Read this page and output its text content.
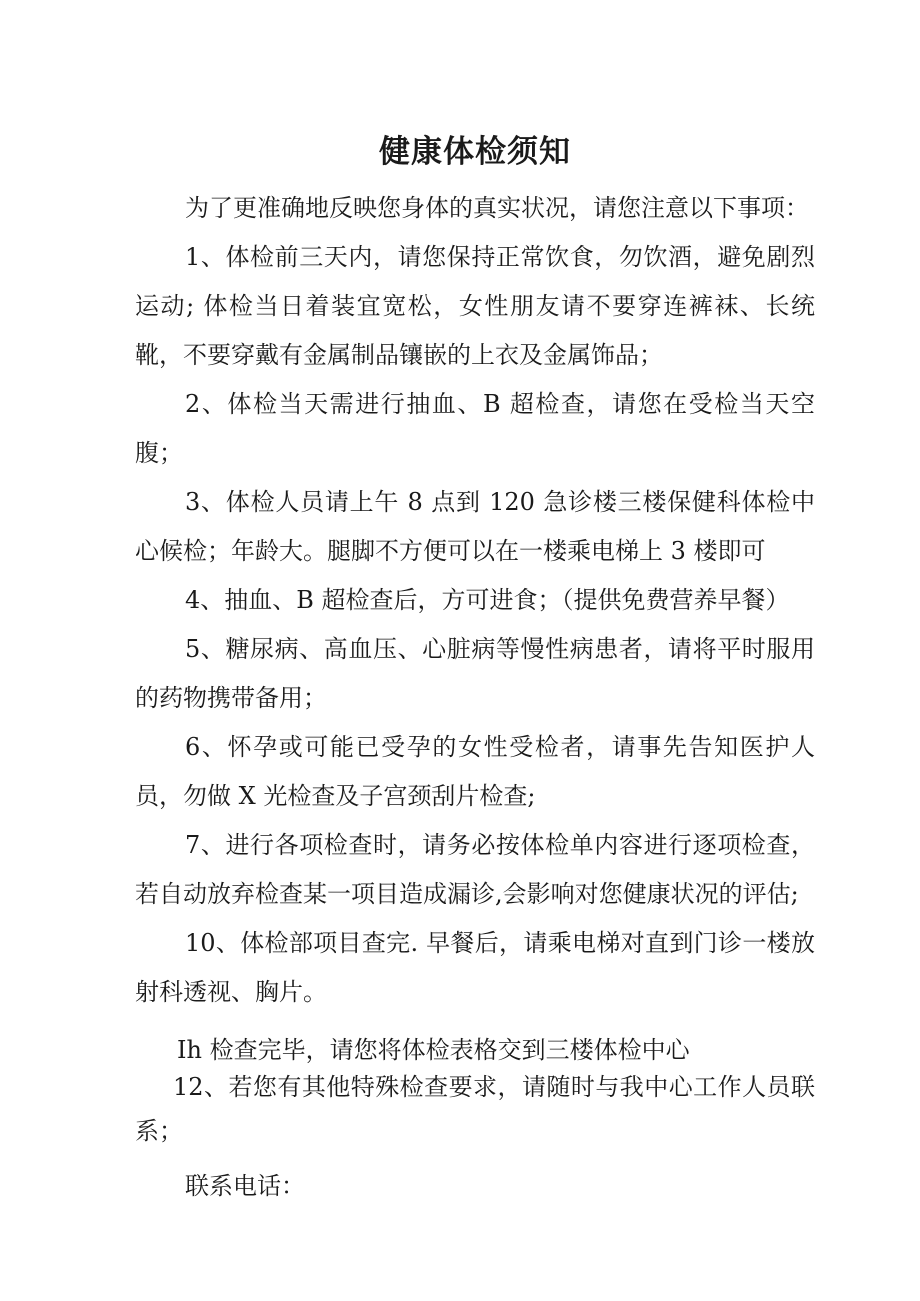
健康体检须知

为了更准确地反映您身体的真实状况，请您注意以下事项：

1、体检前三天内，请您保持正常饮食，勿饮酒，避免剧烈运动; 体检当日着装宜宽松，女性朋友请不要穿连裤袜、长统靴，不要穿戴有金属制品镶嵌的上衣及金属饰品；

2、体检当天需进行抽血、B 超检查，请您在受检当天空腹；

3、体检人员请上午 8 点到 120 急诊楼三楼保健科体检中心候检；年龄大。腿脚不方便可以在一楼乘电梯上 3 楼即可

4、抽血、B 超检查后，方可进食；（提供免费营养早餐）

5、糖尿病、高血压、心脏病等慢性病患者，请将平时服用的药物携带备用；

6、怀孕或可能已受孕的女性受检者，请事先告知医护人员，勿做 X 光检查及子宫颈刮片检查;

7、进行各项检查时，请务必按体检单内容进行逐项检查，若自动放弃检查某一项目造成漏诊,会影响对您健康状况的评估;

10、体检部项目查完. 早餐后，请乘电梯对直到门诊一楼放射科透视、胸片。

Ih 检查完毕，请您将体检表格交到三楼体检中心

12、若您有其他特殊检查要求，请随时与我中心工作人员联系；

联系电话：
